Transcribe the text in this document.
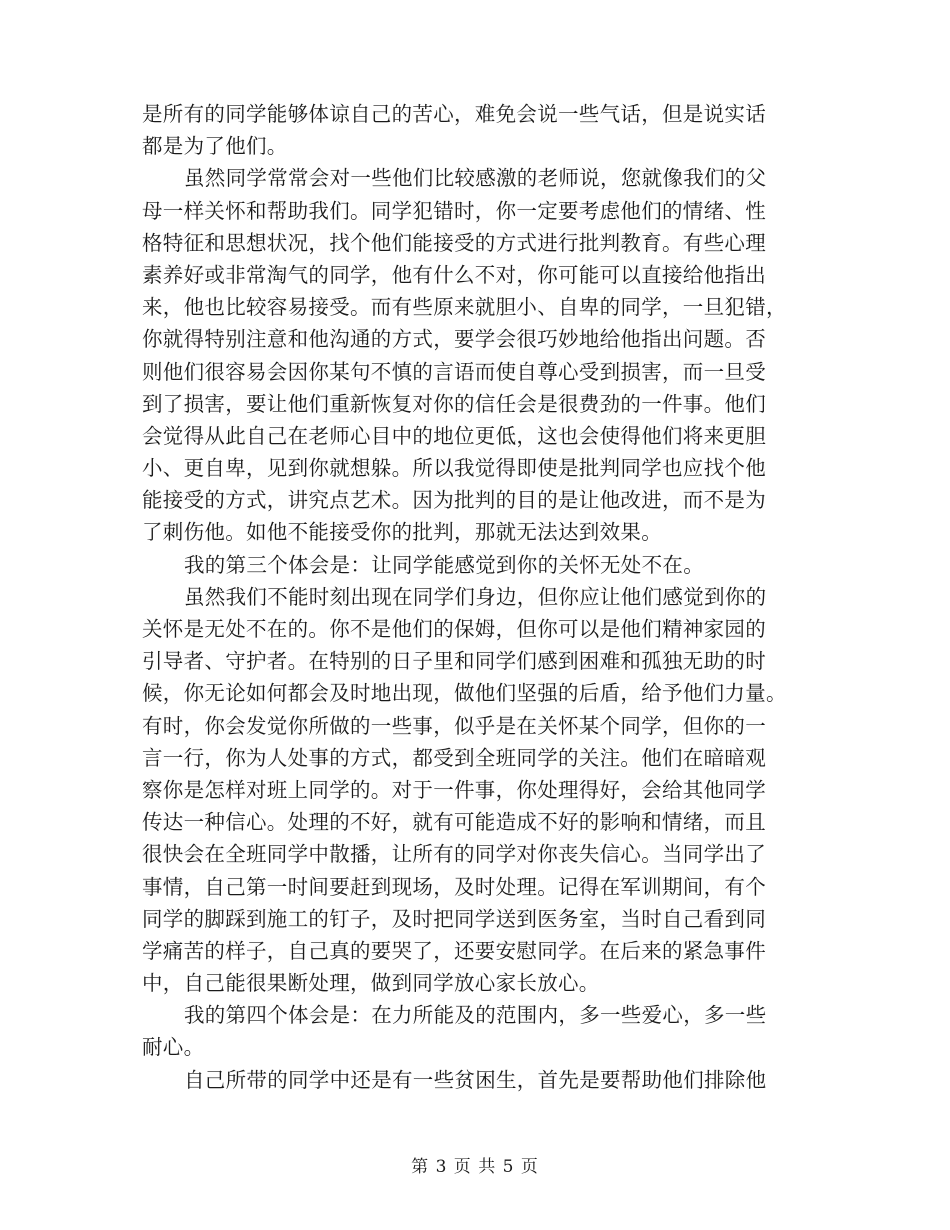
是所有的同学能够体谅自己的苦心，难免会说一些气话，但是说实话
都是为了他们。
虽然同学常常会对一些他们比较感激的老师说，您就像我们的父
母一样关怀和帮助我们。同学犯错时，你一定要考虑他们的情绪、性
格特征和思想状况，找个他们能接受的方式进行批判教育。有些心理
素养好或非常淘气的同学，他有什么不对，你可能可以直接给他指出
来，他也比较容易接受。而有些原来就胆小、自卑的同学，一旦犯错，
你就得特别注意和他沟通的方式，要学会很巧妙地给他指出问题。否
则他们很容易会因你某句不慎的言语而使自尊心受到损害，而一旦受
到了损害，要让他们重新恢复对你的信任会是很费劲的一件事。他们
会觉得从此自己在老师心目中的地位更低，这也会使得他们将来更胆
小、更自卑，见到你就想躲。所以我觉得即使是批判同学也应找个他
能接受的方式，讲究点艺术。因为批判的目的是让他改进，而不是为
了刺伤他。如他不能接受你的批判，那就无法达到效果。
我的第三个体会是：让同学能感觉到你的关怀无处不在。
虽然我们不能时刻出现在同学们身边，但你应让他们感觉到你的
关怀是无处不在的。你不是他们的保姆，但你可以是他们精神家园的
引导者、守护者。在特别的日子里和同学们感到困难和孤独无助的时
候，你无论如何都会及时地出现，做他们坚强的后盾，给予他们力量。
有时，你会发觉你所做的一些事，似乎是在关怀某个同学，但你的一
言一行，你为人处事的方式，都受到全班同学的关注。他们在暗暗观
察你是怎样对班上同学的。对于一件事，你处理得好，会给其他同学
传达一种信心。处理的不好，就有可能造成不好的影响和情绪，而且
很快会在全班同学中散播，让所有的同学对你丧失信心。当同学出了
事情，自己第一时间要赶到现场，及时处理。记得在军训期间，有个
同学的脚踩到施工的钉子，及时把同学送到医务室，当时自己看到同
学痛苦的样子，自己真的要哭了，还要安慰同学。在后来的紧急事件
中，自己能很果断处理，做到同学放心家长放心。
我的第四个体会是：在力所能及的范围内，多一些爱心，多一些
耐心。
自己所带的同学中还是有一些贫困生，首先是要帮助他们排除他
第 3 页 共 5 页
